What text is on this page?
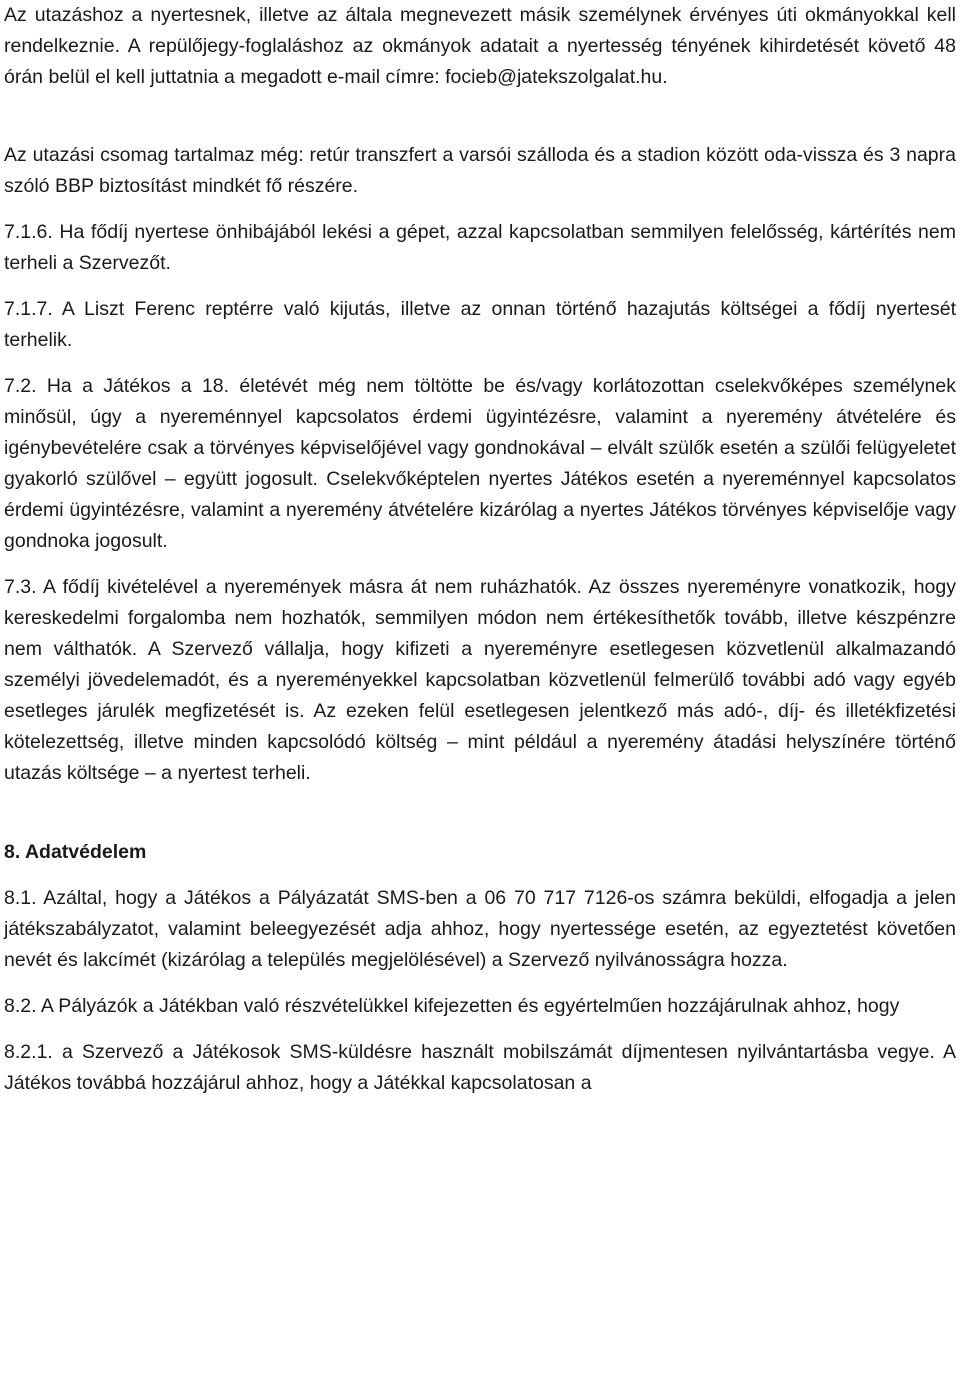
Az utazáshoz a nyertesnek, illetve az általa megnevezett másik személynek érvényes úti okmányokkal kell rendelkeznie. A repülőjegy-foglaláshoz az okmányok adatait a nyertesség tényének kihirdetését követő 48 órán belül el kell juttatnia a megadott e-mail címre: focieb@jatekszolgalat.hu.

Az utazási csomag tartalmaz még: retúr transzfert a varsói szálloda és a stadion között oda-vissza és 3 napra szóló BBP biztosítást mindkét fő részére.

7.1.6. Ha fődíj nyertese önhibájából lekési a gépet, azzal kapcsolatban semmilyen felelősség, kártérítés nem terheli a Szervezőt.

7.1.7. A Liszt Ferenc reptérre való kijutás, illetve az onnan történő hazajutás költségei a fődíj nyertesét terhelik.

7.2. Ha a Játékos a 18. életévét még nem töltötte be és/vagy korlátozottan cselekvőképes személynek minősül, úgy a nyereménnyel kapcsolatos érdemi ügyintézésre, valamint a nyeremény átvételére és igénybevételére csak a törvényes képviselőjével vagy gondnokával – elvált szülők esetén a szülői felügyeletet gyakorló szülővel – együtt jogosult. Cselekvőképtelen nyertes Játékos esetén a nyereménnyel kapcsolatos érdemi ügyintézésre, valamint a nyeremény átvételére kizárólag a nyertes Játékos törvényes képviselője vagy gondnoka jogosult.

7.3. A fődíj kivételével a nyeremények másra át nem ruházhatók. Az összes nyereményre vonatkozik, hogy kereskedelmi forgalomba nem hozhatók, semmilyen módon nem értékesíthetők tovább, illetve készpénzre nem válthatók. A Szervező vállalja, hogy kifizeti a nyereményre esetlegesen közvetlenül alkalmazandó személyi jövedelemadót, és a nyereményekkel kapcsolatban közvetlenül felmerülő további adó vagy egyéb esetleges járulék megfizetését is. Az ezeken felül esetlegesen jelentkező más adó-, díj- és illetékfizetési kötelezettség, illetve minden kapcsolódó költség – mint például a nyeremény átadási helyszínére történő utazás költsége – a nyertest terheli.

8. Adatvédelem

8.1. Azáltal, hogy a Játékos a Pályázatát SMS-ben a 06 70 717 7126-os számra beküldi, elfogadja a jelen játékszabályzatot, valamint beleegyezését adja ahhoz, hogy nyertessége esetén, az egyeztetést követően nevét és lakcímét (kizárólag a település megjelölésével) a Szervező nyilvánosságra hozza.

8.2. A Pályázók a Játékban való részvételükkel kifejezetten és egyértelműen hozzájárulnak ahhoz, hogy

8.2.1. a Szervező a Játékosok SMS-küldésre használt mobilszámát díjmentesen nyilvántartásba vegye. A Játékos továbbá hozzájárul ahhoz, hogy a Játékkal kapcsolatosan a
